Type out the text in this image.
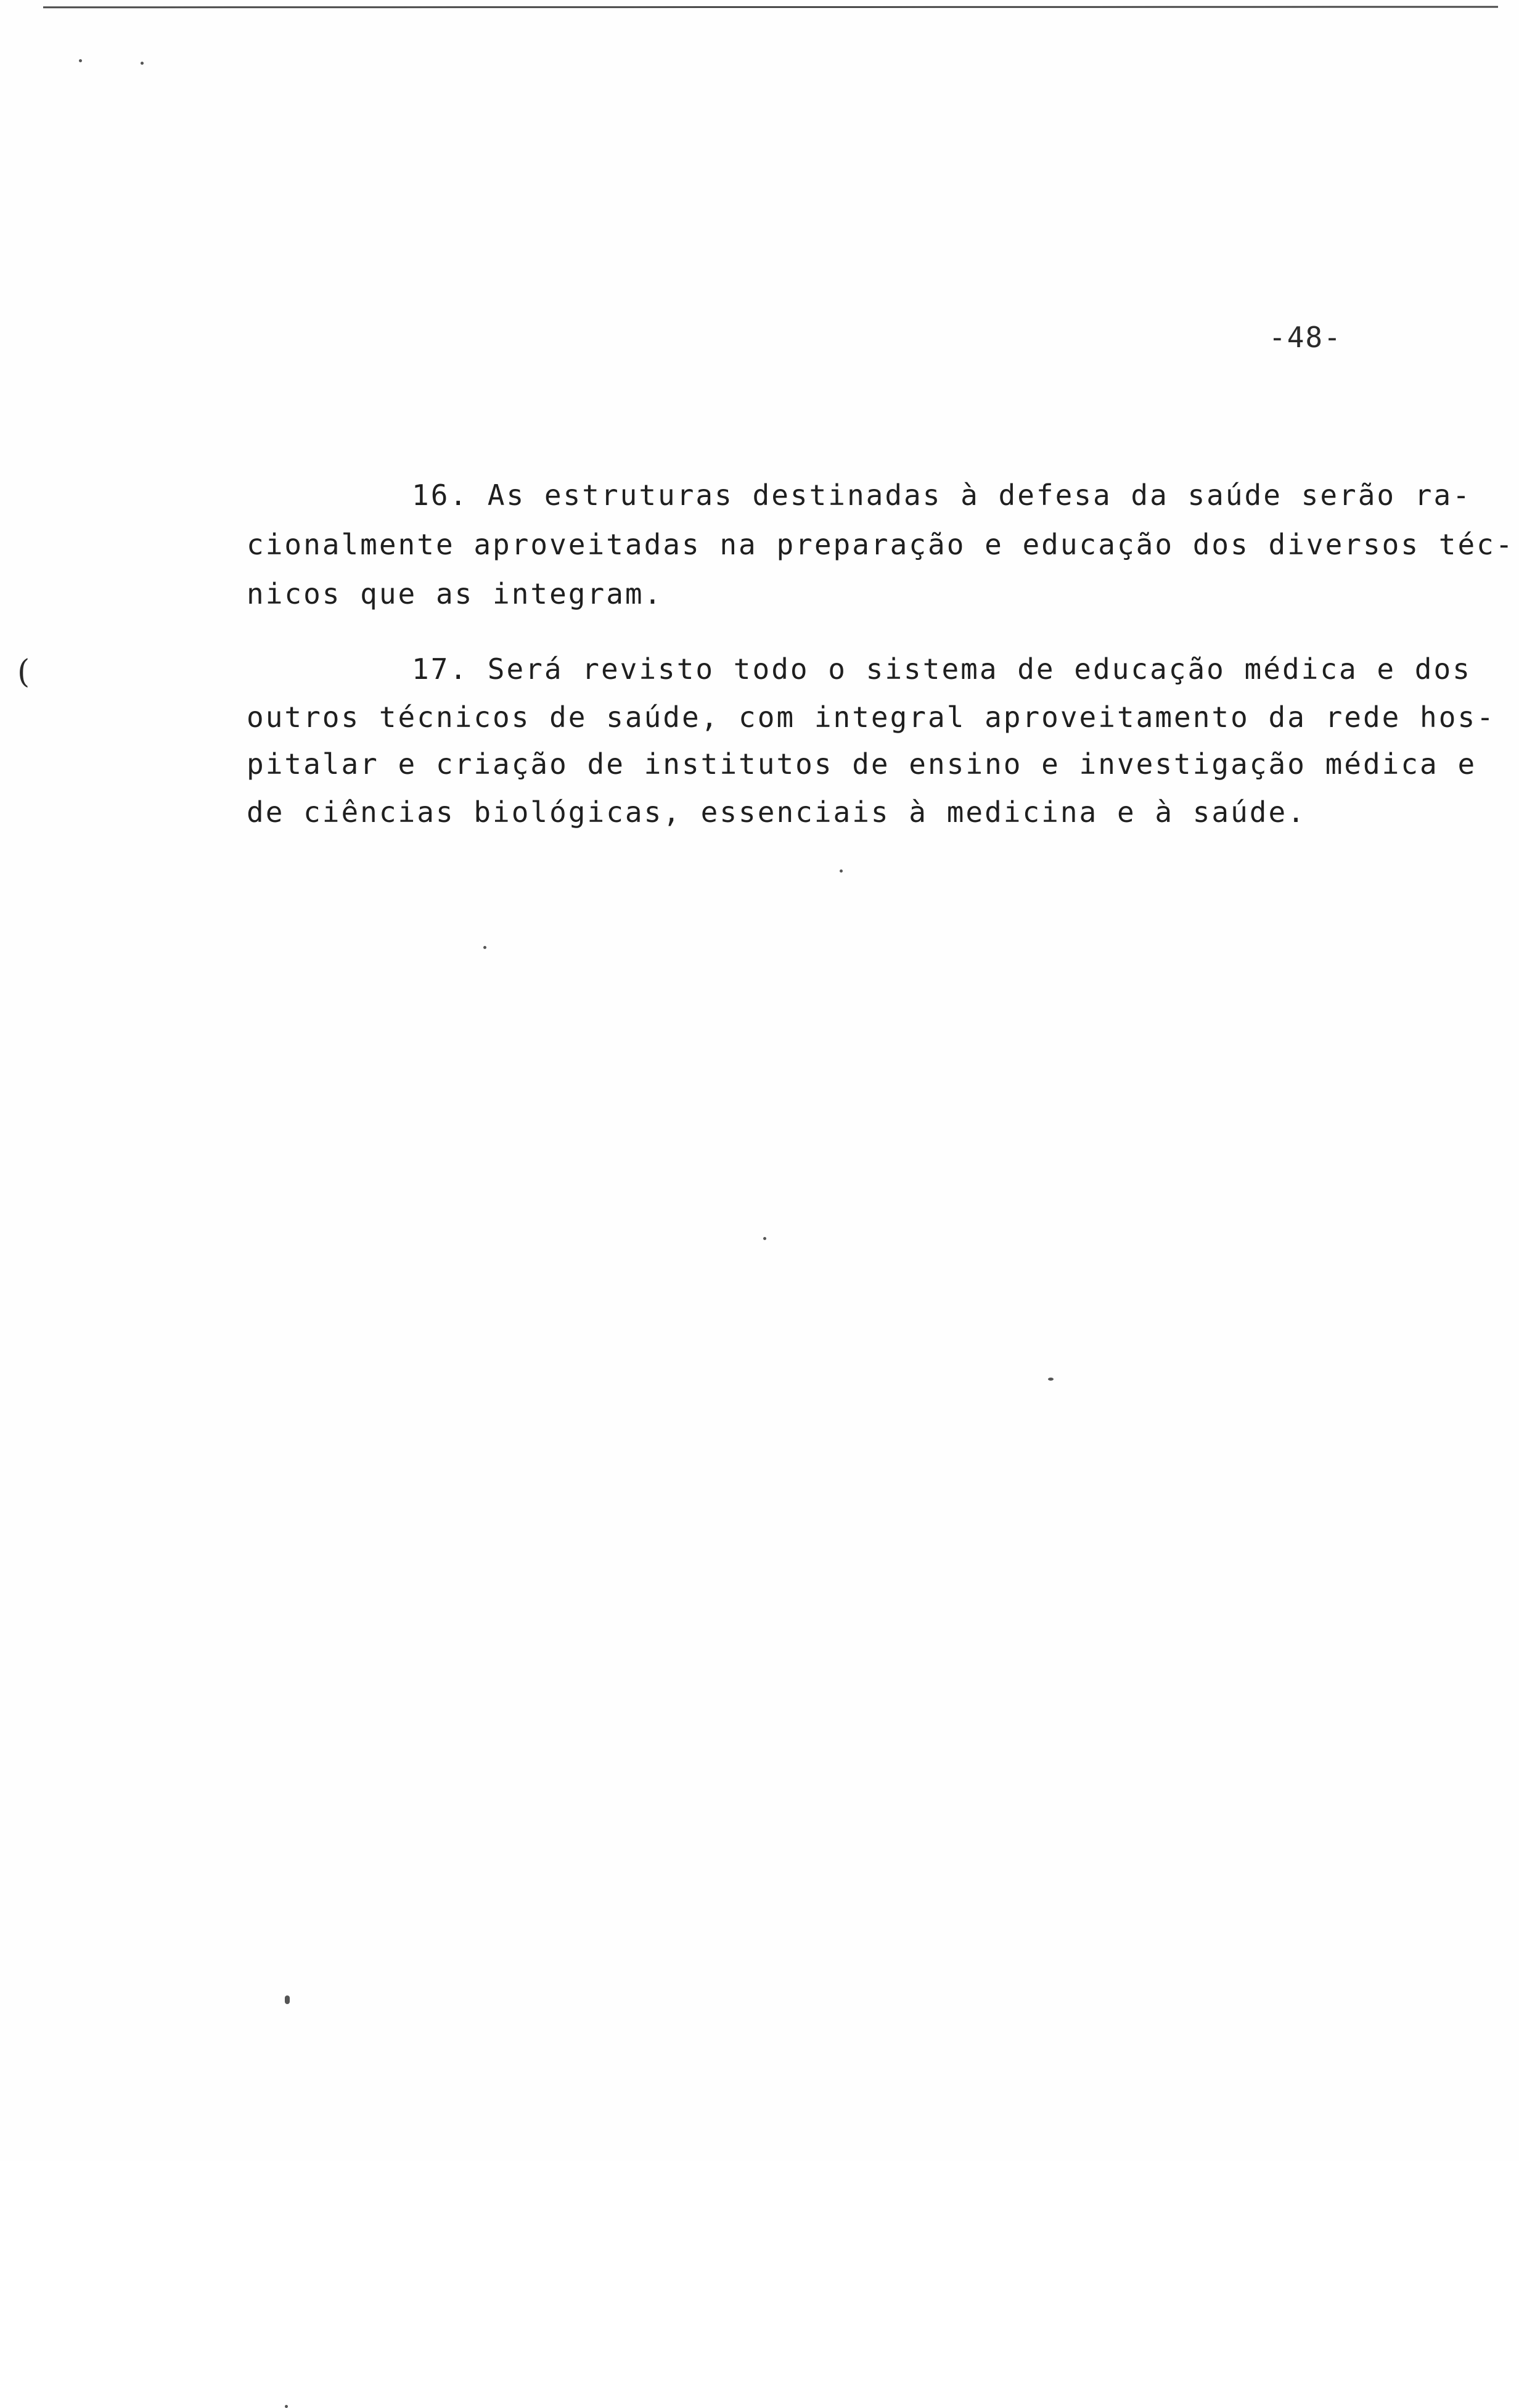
-48-
(
16. As estruturas destinadas à defesa da saúde serão ra-
cionalmente aproveitadas na preparação e educação dos diversos téc-
nicos que as integram.
17. Será revisto todo o sistema de educação médica e dos
outros técnicos de saúde, com integral aproveitamento da rede hos-
pitalar e criação de institutos de ensino e investigação médica e
de ciências biológicas, essenciais à medicina e à saúde.
